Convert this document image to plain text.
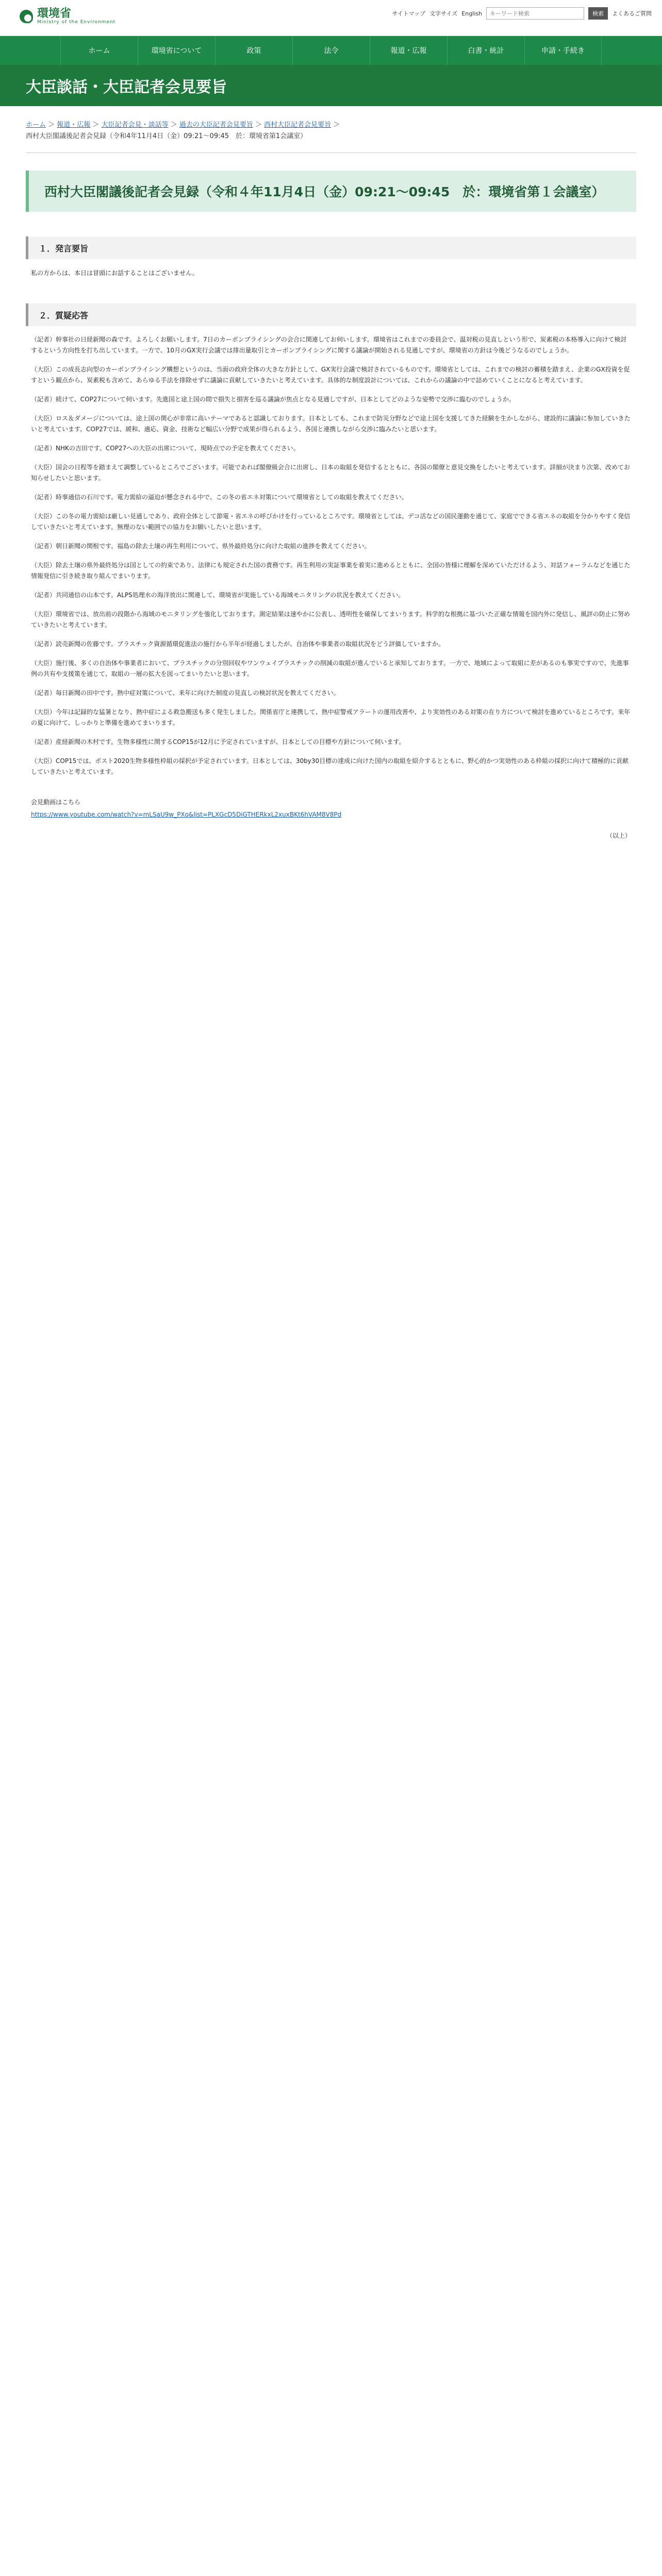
環境省
Ministry of the Environment
サイトマップ 文字サイズ English
キーワード検索	検索	よくあるご質問
ホーム	環境省について	政策	法令	報道・広報	白書・統計	申請・手続き
大臣談話・大臣記者会見要旨
ホーム ＞ 報道・広報 ＞ 大臣記者会見・談話等 ＞ 過去の大臣記者会見要旨 ＞ 西村大臣記者会見要旨 ＞
西村大臣閣議後記者会見録（令和4年11月4日（金）09:21～09:45　於：環境省第1会議室）
西村大臣閣議後記者会見録（令和４年11月4日（金）09:21～09:45　於：環境省第１会議室）
１．発言要旨
私の方からは、本日は冒頭にお話することはございません。
２．質疑応答

（記者）幹事社の日経新聞の森です。よろしくお願いします。7日のカーボンプライシングの会合に関連してお伺いします。環境省はこれまでの委員会で、温対税の見直しという形で、炭素税の本格導入に向けて検討するという方向性を打ち出しています。一方で、10月のGX実行会議では排出量取引とカーボンプライシングに関する議論が開始される見通しですが、環境省の方針は今後どうなるのでしょうか。

（大臣）この成長志向型のカーボンプライシング構想というのは、当面の政府全体の大きな方針として、GX実行会議で検討されているものです。環境省としては、これまでの検討の蓄積を踏まえ、企業のGX投資を促すという観点から、炭素税も含めて、あらゆる手法を排除せずに議論に貢献していきたいと考えています。具体的な制度設計については、これからの議論の中で詰めていくことになると考えています。

（記者）続けて、COP27について伺います。先進国と途上国の間で損失と損害を巡る議論が焦点となる見通しですが、日本としてどのような姿勢で交渉に臨むのでしょうか。

（大臣）ロス＆ダメージについては、途上国の関心が非常に高いテーマであると認識しております。日本としても、これまで防災分野などで途上国を支援してきた経験を生かしながら、建設的に議論に参加していきたいと考えています。COP27では、緩和、適応、資金、技術など幅広い分野で成果が得られるよう、各国と連携しながら交渉に臨みたいと思います。

（記者）NHKの吉田です。COP27への大臣の出席について、現時点での予定を教えてください。

（大臣）国会の日程等を踏まえて調整しているところでございます。可能であれば閣僚級会合に出席し、日本の取組を発信するとともに、各国の閣僚と意見交換をしたいと考えています。詳細が決まり次第、改めてお知らせしたいと思います。

（記者）時事通信の石川です。電力需給の逼迫が懸念される中で、この冬の省エネ対策について環境省としての取組を教えてください。

（大臣）この冬の電力需給は厳しい見通しであり、政府全体として節電・省エネの呼びかけを行っているところです。環境省としては、デコ活などの国民運動を通じて、家庭でできる省エネの取組を分かりやすく発信していきたいと考えています。無理のない範囲での協力をお願いしたいと思います。

（記者）朝日新聞の関根です。福島の除去土壌の再生利用について、県外最終処分に向けた取組の進捗を教えてください。

（大臣）除去土壌の県外最終処分は国としての約束であり、法律にも規定された国の責務です。再生利用の実証事業を着実に進めるとともに、全国の皆様に理解を深めていただけるよう、対話フォーラムなどを通じた情報発信に引き続き取り組んでまいります。

（記者）共同通信の山本です。ALPS処理水の海洋放出に関連して、環境省が実施している海域モニタリングの状況を教えてください。

（大臣）環境省では、放出前の段階から海域のモニタリングを強化しております。測定結果は速やかに公表し、透明性を確保してまいります。科学的な根拠に基づいた正確な情報を国内外に発信し、風評の防止に努めていきたいと考えています。

（記者）読売新聞の佐藤です。プラスチック資源循環促進法の施行から半年が経過しましたが、自治体や事業者の取組状況をどう評価していますか。

（大臣）施行後、多くの自治体や事業者において、プラスチックの分別回収やワンウェイプラスチックの削減の取組が進んでいると承知しております。一方で、地域によって取組に差があるのも事実ですので、先進事例の共有や支援策を通じて、取組の一層の拡大を図ってまいりたいと思います。

（記者）毎日新聞の田中です。熱中症対策について、来年に向けた制度の見直しの検討状況を教えてください。

（大臣）今年は記録的な猛暑となり、熱中症による救急搬送も多く発生しました。関係省庁と連携して、熱中症警戒アラートの運用改善や、より実効性のある対策の在り方について検討を進めているところです。来年の夏に向けて、しっかりと準備を進めてまいります。

（記者）産経新聞の木村です。生物多様性に関するCOP15が12月に予定されていますが、日本としての目標や方針について伺います。

（大臣）COP15では、ポスト2020生物多様性枠組の採択が予定されています。日本としては、30by30目標の達成に向けた国内の取組を紹介するとともに、野心的かつ実効性のある枠組の採択に向けて積極的に貢献していきたいと考えています。

会見動画はこちら
https://www.youtube.com/watch?v=mLSaU9w_PXo&list=PLXGcD5DiGTHERkxL2xuxBKt6hVAM8V8Pd
（以上）
